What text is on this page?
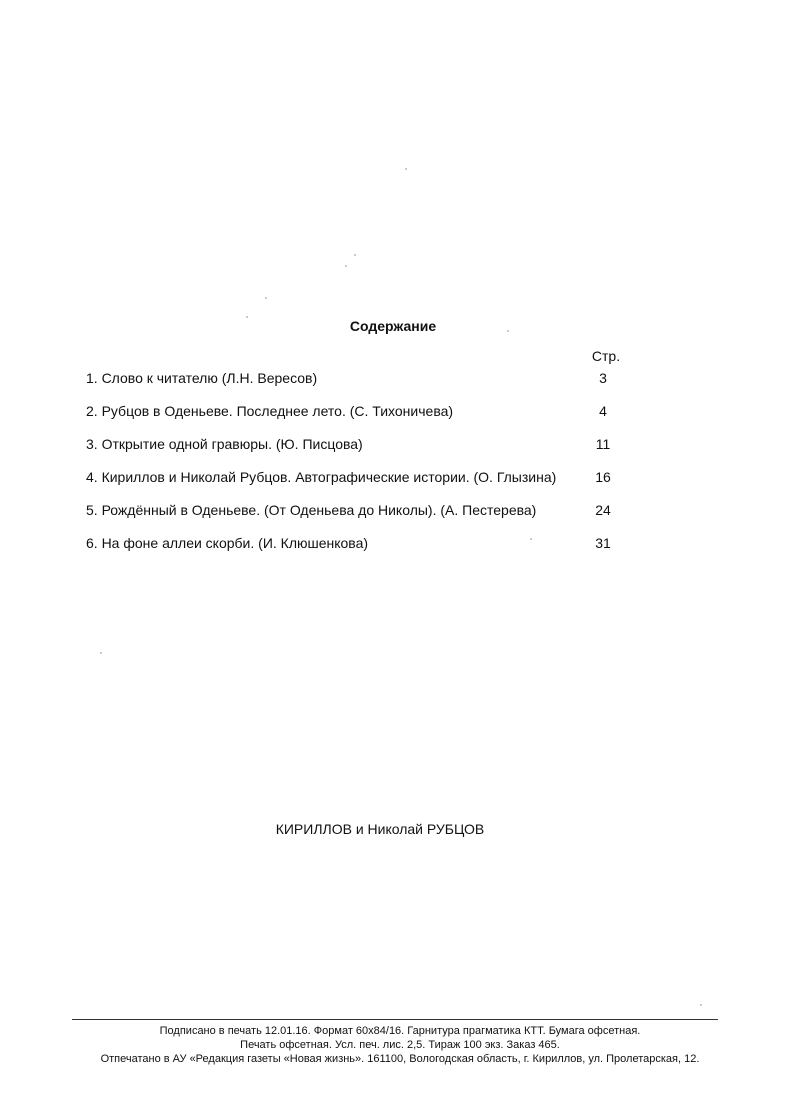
Содержание
Стр.
1. Слово к читателю (Л.Н. Вересов)	3
2. Рубцов в Оденьеве. Последнее лето. (С. Тихоничева)	4
3. Открытие одной гравюры. (Ю. Писцова)	11
4. Кириллов и Николай Рубцов. Автографические истории. (О. Глызина)	16
5. Рождённый в Оденьеве. (От Оденьева до Николы). (А. Пестерева)	24
6. На фоне аллеи скорби. (И. Клюшенкова)	31
КИРИЛЛОВ и Николай РУБЦОВ
Подписано в печать 12.01.16. Формат 60x84/16. Гарнитура прагматика КТТ. Бумага офсетная.
Печать офсетная. Усл. печ. лис. 2,5. Тираж 100 экз. Заказ 465.
Отпечатано в АУ «Редакция газеты «Новая жизнь». 161100, Вологодская область, г. Кириллов, ул. Пролетарская, 12.
